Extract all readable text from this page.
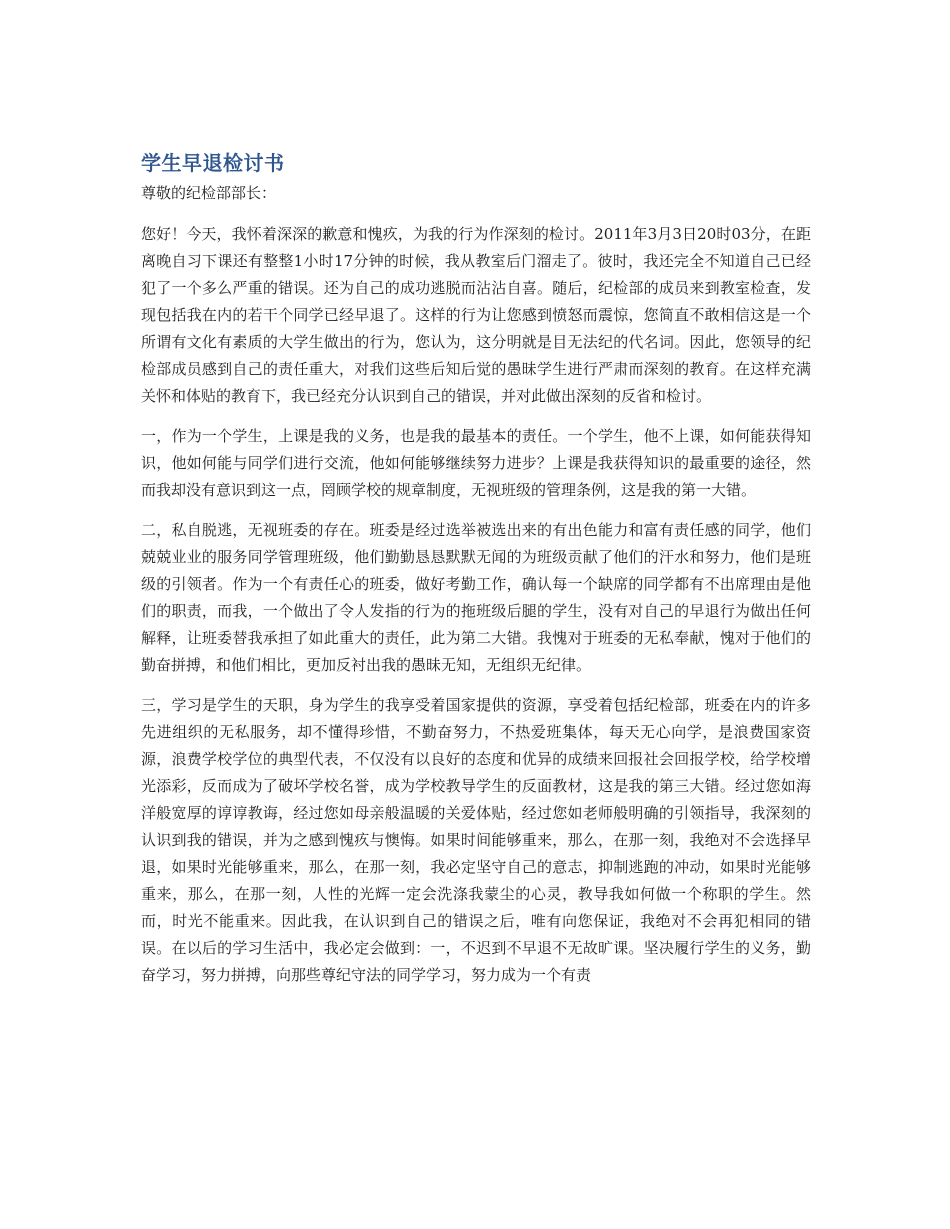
学生早退检讨书

尊敬的纪检部部长：

您好！今天，我怀着深深的歉意和愧疚，为我的行为作深刻的检讨。2011年3月3日20时03分，在距离晚自习下课还有整整1小时17分钟的时候，我从教室后门溜走了。彼时，我还完全不知道自己已经犯了一个多么严重的错误。还为自己的成功逃脱而沾沾自喜。随后，纪检部的成员来到教室检查，发现包括我在内的若干个同学已经早退了。这样的行为让您感到愤怒而震惊，您简直不敢相信这是一个所谓有文化有素质的大学生做出的行为，您认为，这分明就是目无法纪的代名词。因此，您领导的纪检部成员感到自己的责任重大，对我们这些后知后觉的愚昧学生进行严肃而深刻的教育。在这样充满关怀和体贴的教育下，我已经充分认识到自己的错误，并对此做出深刻的反省和检讨。

一，作为一个学生，上课是我的义务，也是我的最基本的责任。一个学生，他不上课，如何能获得知识，他如何能与同学们进行交流，他如何能够继续努力进步？上课是我获得知识的最重要的途径，然而我却没有意识到这一点，罔顾学校的规章制度，无视班级的管理条例，这是我的第一大错。

二，私自脱逃，无视班委的存在。班委是经过选举被选出来的有出色能力和富有责任感的同学，他们兢兢业业的服务同学管理班级，他们勤勤恳恳默默无闻的为班级贡献了他们的汗水和努力，他们是班级的引领者。作为一个有责任心的班委，做好考勤工作，确认每一个缺席的同学都有不出席理由是他们的职责，而我，一个做出了令人发指的行为的拖班级后腿的学生，没有对自己的早退行为做出任何解释，让班委替我承担了如此重大的责任，此为第二大错。我愧对于班委的无私奉献，愧对于他们的勤奋拼搏，和他们相比，更加反衬出我的愚昧无知，无组织无纪律。

三，学习是学生的天职，身为学生的我享受着国家提供的资源，享受着包括纪检部，班委在内的许多先进组织的无私服务，却不懂得珍惜，不勤奋努力，不热爱班集体，每天无心向学，是浪费国家资源，浪费学校学位的典型代表，不仅没有以良好的态度和优异的成绩来回报社会回报学校，给学校增光添彩，反而成为了破坏学校名誉，成为学校教导学生的反面教材，这是我的第三大错。经过您如海洋般宽厚的谆谆教诲，经过您如母亲般温暖的关爱体贴，经过您如老师般明确的引领指导，我深刻的认识到我的错误，并为之感到愧疚与懊悔。如果时间能够重来，那么，在那一刻，我绝对不会选择早退，如果时光能够重来，那么，在那一刻，我必定坚守自己的意志，抑制逃跑的冲动，如果时光能够重来，那么，在那一刻，人性的光辉一定会洗涤我蒙尘的心灵，教导我如何做一个称职的学生。然而，时光不能重来。因此我，在认识到自己的错误之后，唯有向您保证，我绝对不会再犯相同的错误。在以后的学习生活中，我必定会做到：一，不迟到不早退不无故旷课。坚决履行学生的义务，勤奋学习，努力拼搏，向那些尊纪守法的同学学习，努力成为一个有责
